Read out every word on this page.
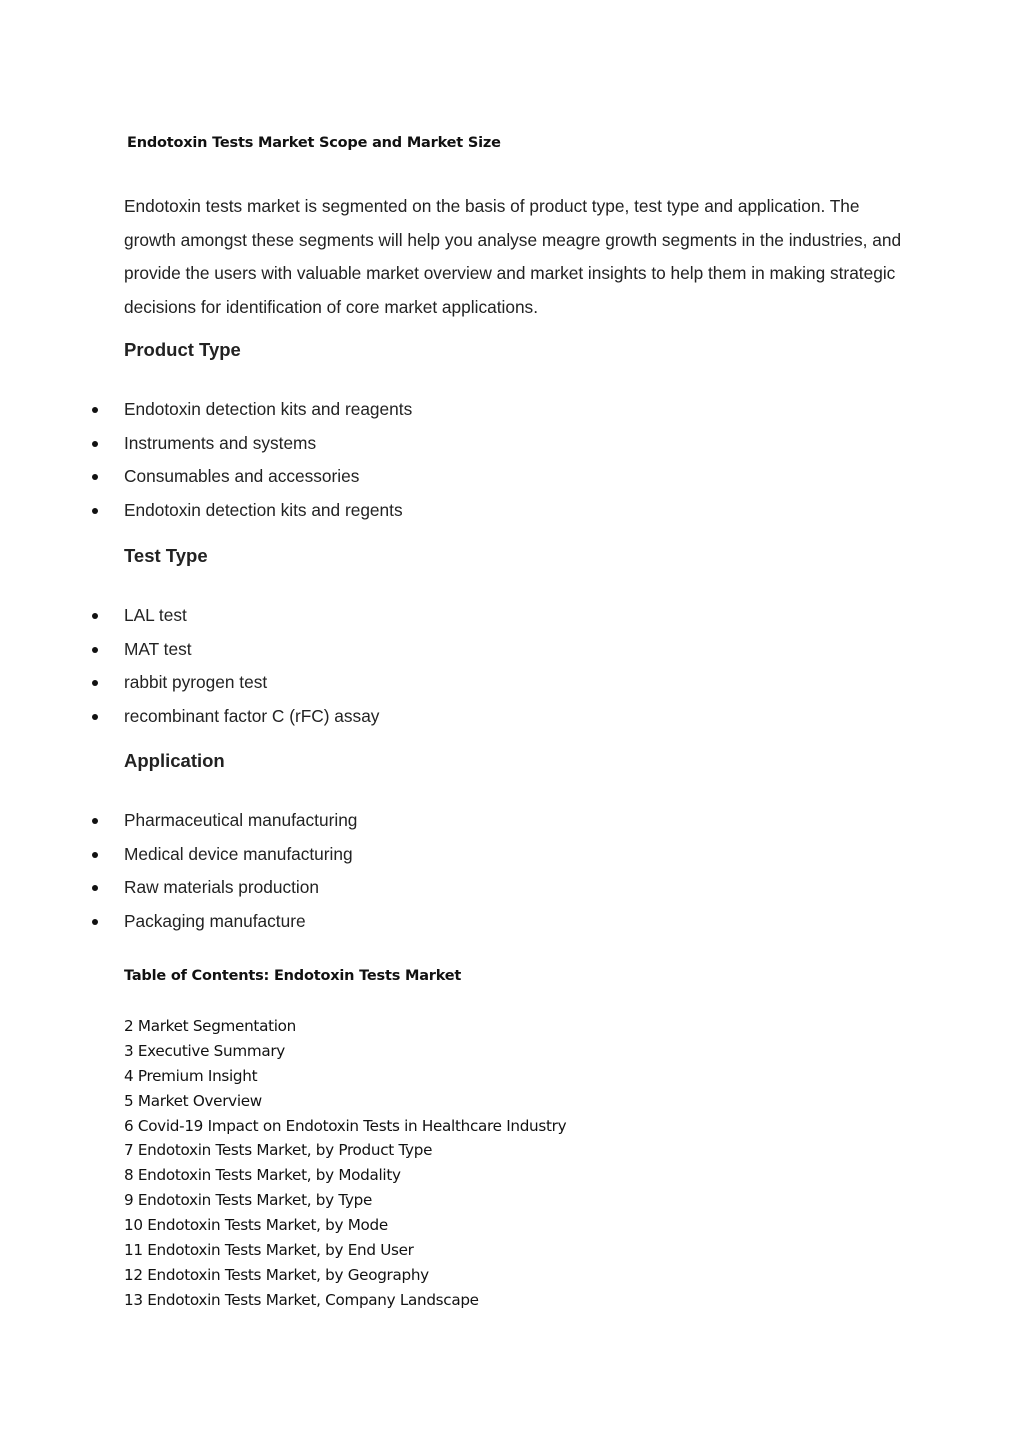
Endotoxin Tests Market Scope and Market Size

Endotoxin tests market is segmented on the basis of product type, test type and application. The growth amongst these segments will help you analyse meagre growth segments in the industries, and provide the users with valuable market overview and market insights to help them in making strategic decisions for identification of core market applications.

Product Type
Endotoxin detection kits and reagents
Instruments and systems
Consumables and accessories
Endotoxin detection kits and regents
Test Type
LAL test
MAT test
rabbit pyrogen test
recombinant factor C (rFC) assay
Application
Pharmaceutical manufacturing
Medical device manufacturing
Raw materials production
Packaging manufacture
Table of Contents: Endotoxin Tests Market
2 Market Segmentation
3 Executive Summary
4 Premium Insight
5 Market Overview
6 Covid-19 Impact on Endotoxin Tests in Healthcare Industry
7 Endotoxin Tests Market, by Product Type
8 Endotoxin Tests Market, by Modality
9 Endotoxin Tests Market, by Type
10 Endotoxin Tests Market, by Mode
11 Endotoxin Tests Market, by End User
12 Endotoxin Tests Market, by Geography
13 Endotoxin Tests Market, Company Landscape
